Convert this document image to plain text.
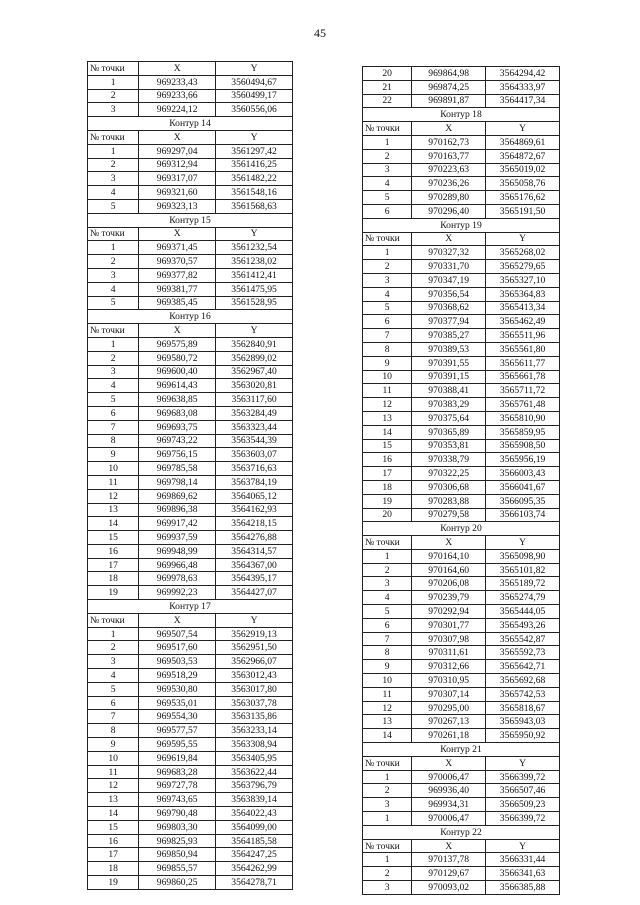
45
№ точки	X	Y
1	969233,43	3560494,67
2	969233,66	3560499,17
3	969224,12	3560556,06
Контур 14		
№ точки	X	Y
1	969297,04	3561297,42
2	969312,94	3561416,25
3	969317,07	3561482,22
4	969321,60	3561548,16
5	969323,13	3561568,63
Контур 15		
№ точки	X	Y
1	969371,45	3561232,54
2	969370,57	3561238,02
3	969377,82	3561412,41
4	969381,77	3561475,95
5	969385,45	3561528,95
Контур 16		
№ точки	X	Y
1	969575,89	3562840,91
2	969580,72	3562899,02
3	969600,40	3562967,40
4	969614,43	3563020,81
5	969638,85	3563117,60
6	969683,08	3563284,49
7	969693,75	3563323,44
8	969743,22	3563544,39
9	969756,15	3563603,07
10	969785,58	3563716,63
11	969798,14	3563784,19
12	969869,62	3564065,12
13	969896,38	3564162,93
14	969917,42	3564218,15
15	969937,59	3564276,88
16	969948,99	3564314,57
17	969966,48	3564367,00
18	969978,63	3564395,17
19	969992,23	3564427,07
Контур 17		
№ точки	X	Y
1	969507,54	3562919,13
2	969517,60	3562951,50
3	969503,53	3562966,07
4	969518,29	3563012,43
5	969530,80	3563017,80
6	969535,01	3563037,78
7	969554,30	3563135,86
8	969577,57	3563233,14
9	969595,55	3563308,94
10	969619,84	3563405,95
11	969683,28	3563622,44
12	969727,78	3563796,79
13	969743,65	3563839,14
14	969790,48	3564022,43
15	969803,30	3564099,00
16	969825,93	3564185,58
17	969850,94	3564247,25
18	969855,57	3564262,99
19	969860,25	3564278,71
20	969864,98	3564294,42
21	969874,25	3564333,97
22	969891,87	3564417,34
Контур 18		
№ точки	X	Y
1	970162,73	3564869,61
2	970163,77	3564872,67
3	970223,63	3565019,02
4	970236,26	3565058,76
5	970289,80	3565176,62
6	970296,40	3565191,50
Контур 19		
№ точки	X	Y
1	970327,32	3565268,02
2	970331,70	3565279,65
3	970347,19	3565327,10
4	970356,54	3565364,83
5	970368,62	3565413,34
6	970377,94	3565462,49
7	970385,27	3565511,96
8	970389,53	3565561,80
9	970391,55	3565611,77
10	970391,15	3565661,78
11	970388,41	3565711,72
12	970383,29	3565761,48
13	970375,64	3565810,90
14	970365,89	3565859,95
15	970353,81	3565908,50
16	970338,79	3565956,19
17	970322,25	3566003,43
18	970306,68	3566041,67
19	970283,88	3566095,35
20	970279,58	3566103,74
Контур 20		
№ точки	X	Y
1	970164,10	3565098,90
2	970164,60	3565101,82
3	970206,08	3565189,72
4	970239,79	3565274,79
5	970292,94	3565444,05
6	970301,77	3565493,26
7	970307,98	3565542,87
8	970311,61	3565592,73
9	970312,66	3565642,71
10	970310,95	3565692,68
11	970307,14	3565742,53
12	970295,00	3565818,67
13	970267,13	3565943,03
14	970261,18	3565950,92
Контур 21		
№ точки	X	Y
1	970006,47	3566399,72
2	969936,40	3566507,46
3	969934,31	3566509,23
1	970006,47	3566399,72
Контур 22		
№ точки	X	Y
1	970137,78	3566331,44
2	970129,67	3566341,63
3	970093,02	3566385,88
